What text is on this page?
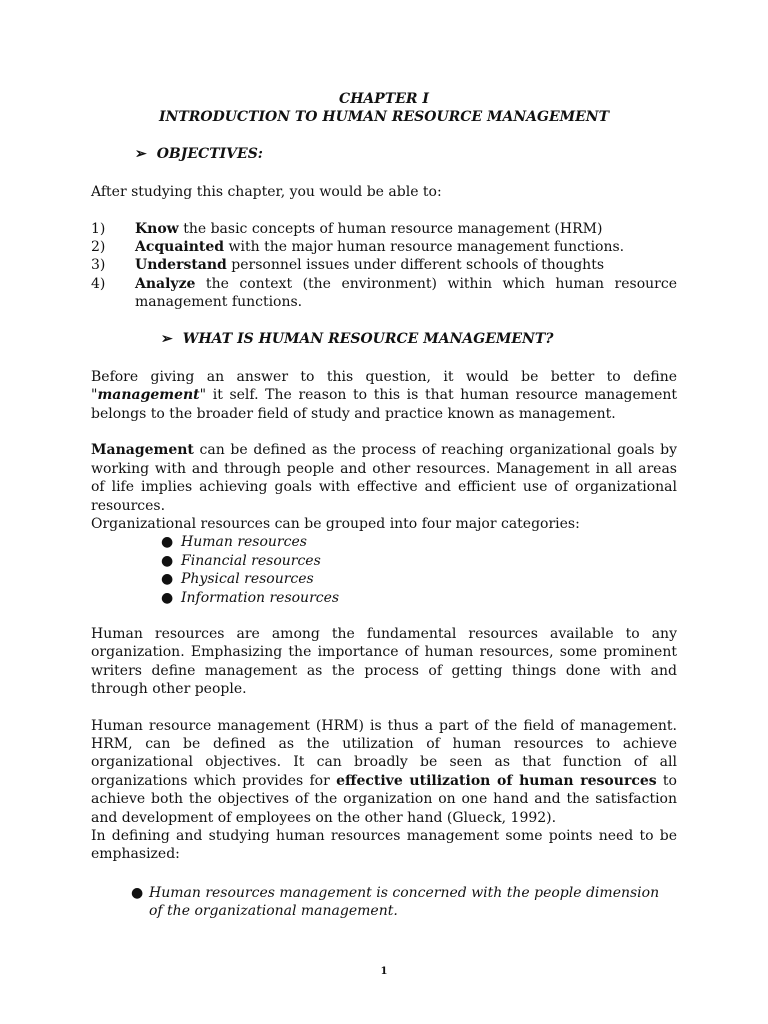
CHAPTER I
INTRODUCTION TO HUMAN RESOURCE MANAGEMENT
➢ OBJECTIVES:
After studying this chapter, you would be able to:
1)	Know the basic concepts of human resource management (HRM)
2)	Acquainted with the major human resource management functions.
3)	Understand personnel issues under different schools of thoughts
4)	Analyze the context (the environment) within which human resource management functions.
➢ WHAT IS HUMAN RESOURCE MANAGEMENT?
Before giving an answer to this question, it would be better to define "management" it self. The reason to this is that human resource management belongs to the broader field of study and practice known as management.
Management can be defined as the process of reaching organizational goals by working with and through people and other resources. Management in all areas of life implies achieving goals with effective and efficient use of organizational resources.
Organizational resources can be grouped into four major categories:
● Human resources
● Financial resources
● Physical resources
● Information resources
Human resources are among the fundamental resources available to any organization. Emphasizing the importance of human resources, some prominent writers define management as the process of getting things done with and through other people.
Human resource management (HRM) is thus a part of the field of management. HRM, can be defined as the utilization of human resources to achieve organizational objectives. It can broadly be seen as that function of all organizations which provides for effective utilization of human resources to achieve both the objectives of the organization on one hand and the satisfaction and development of employees on the other hand (Glueck, 1992).
In defining and studying human resources management some points need to be emphasized:
● Human resources management is concerned with the people dimension of the organizational management.
1
